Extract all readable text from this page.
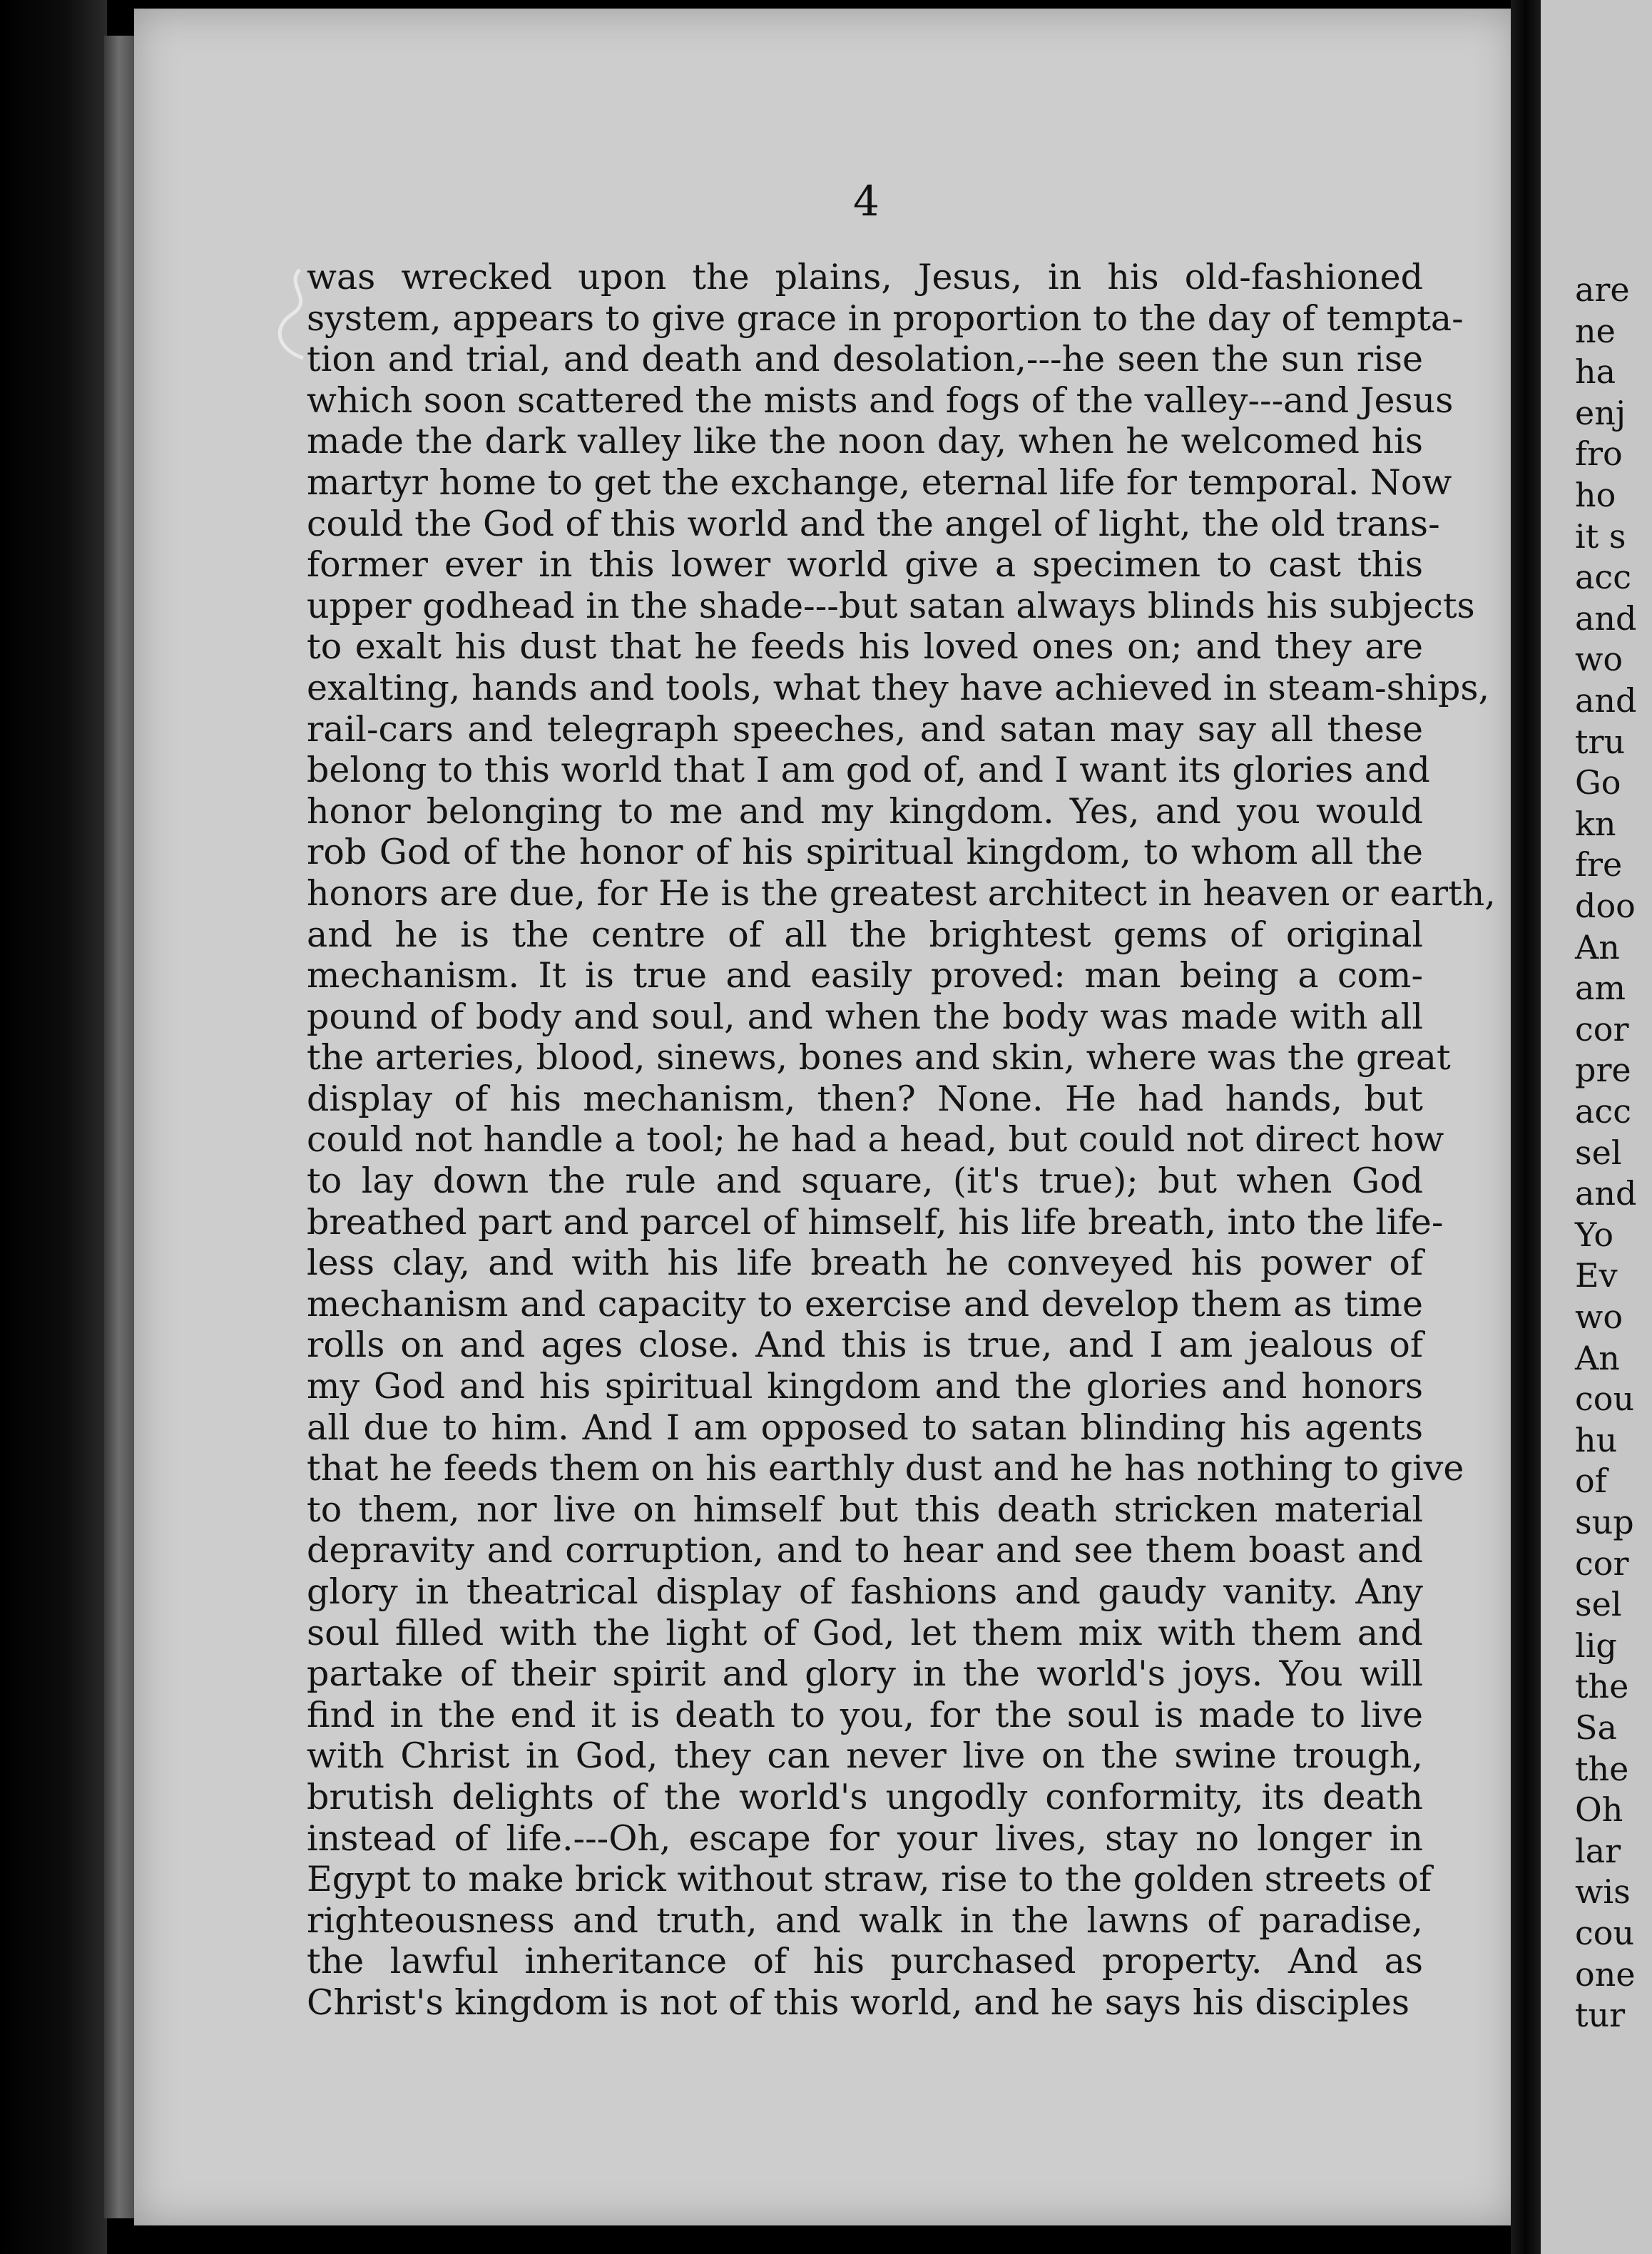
4
was wrecked upon the plains, Jesus, in his old-fashioned
system, appears to give grace in proportion to the day of tempta-
tion and trial, and death and desolation,---he seen the sun rise
which soon scattered the mists and fogs of the valley---and Jesus
made the dark valley like the noon day, when he welcomed his
martyr home to get the exchange, eternal life for temporal. Now
could the God of this world and the angel of light, the old trans-
former ever in this lower world give a specimen to cast this
upper godhead in the shade---but satan always blinds his subjects
to exalt his dust that he feeds his loved ones on; and they are
exalting, hands and tools, what they have achieved in steam-ships,
rail-cars and telegraph speeches, and satan may say all these
belong to this world that I am god of, and I want its glories and
honor belonging to me and my kingdom. Yes, and you would
rob God of the honor of his spiritual kingdom, to whom all the
honors are due, for He is the greatest architect in heaven or earth,
and he is the centre of all the brightest gems of original
mechanism. It is true and easily proved: man being a com-
pound of body and soul, and when the body was made with all
the arteries, blood, sinews, bones and skin, where was the great
display of his mechanism, then? None. He had hands, but
could not handle a tool; he had a head, but could not direct how
to lay down the rule and square, (it's true); but when God
breathed part and parcel of himself, his life breath, into the life-
less clay, and with his life breath he conveyed his power of
mechanism and capacity to exercise and develop them as time
rolls on and ages close. And this is true, and I am jealous of
my God and his spiritual kingdom and the glories and honors
all due to him. And I am opposed to satan blinding his agents
that he feeds them on his earthly dust and he has nothing to give
to them, nor live on himself but this death stricken material
depravity and corruption, and to hear and see them boast and
glory in theatrical display of fashions and gaudy vanity. Any
soul filled with the light of God, let them mix with them and
partake of their spirit and glory in the world's joys. You will
find in the end it is death to you, for the soul is made to live
with Christ in God, they can never live on the swine trough,
brutish delights of the world's ungodly conformity, its death
instead of life.---Oh, escape for your lives, stay no longer in
Egypt to make brick without straw, rise to the golden streets of
righteousness and truth, and walk in the lawns of paradise,
the lawful inheritance of his purchased property. And as
Christ's kingdom is not of this world, and he says his disciples
are
ne
ha
enj
fro
ho
it s
acc
and
wo
and
tru
Go
kn
fre
doo
An
am
cor
pre
acc
sel
and
Yo
Ev
wo
An
cou
hu
of
sup
cor
sel
lig
the
Sa
the
Oh
lar
wis
cou
one
tur
